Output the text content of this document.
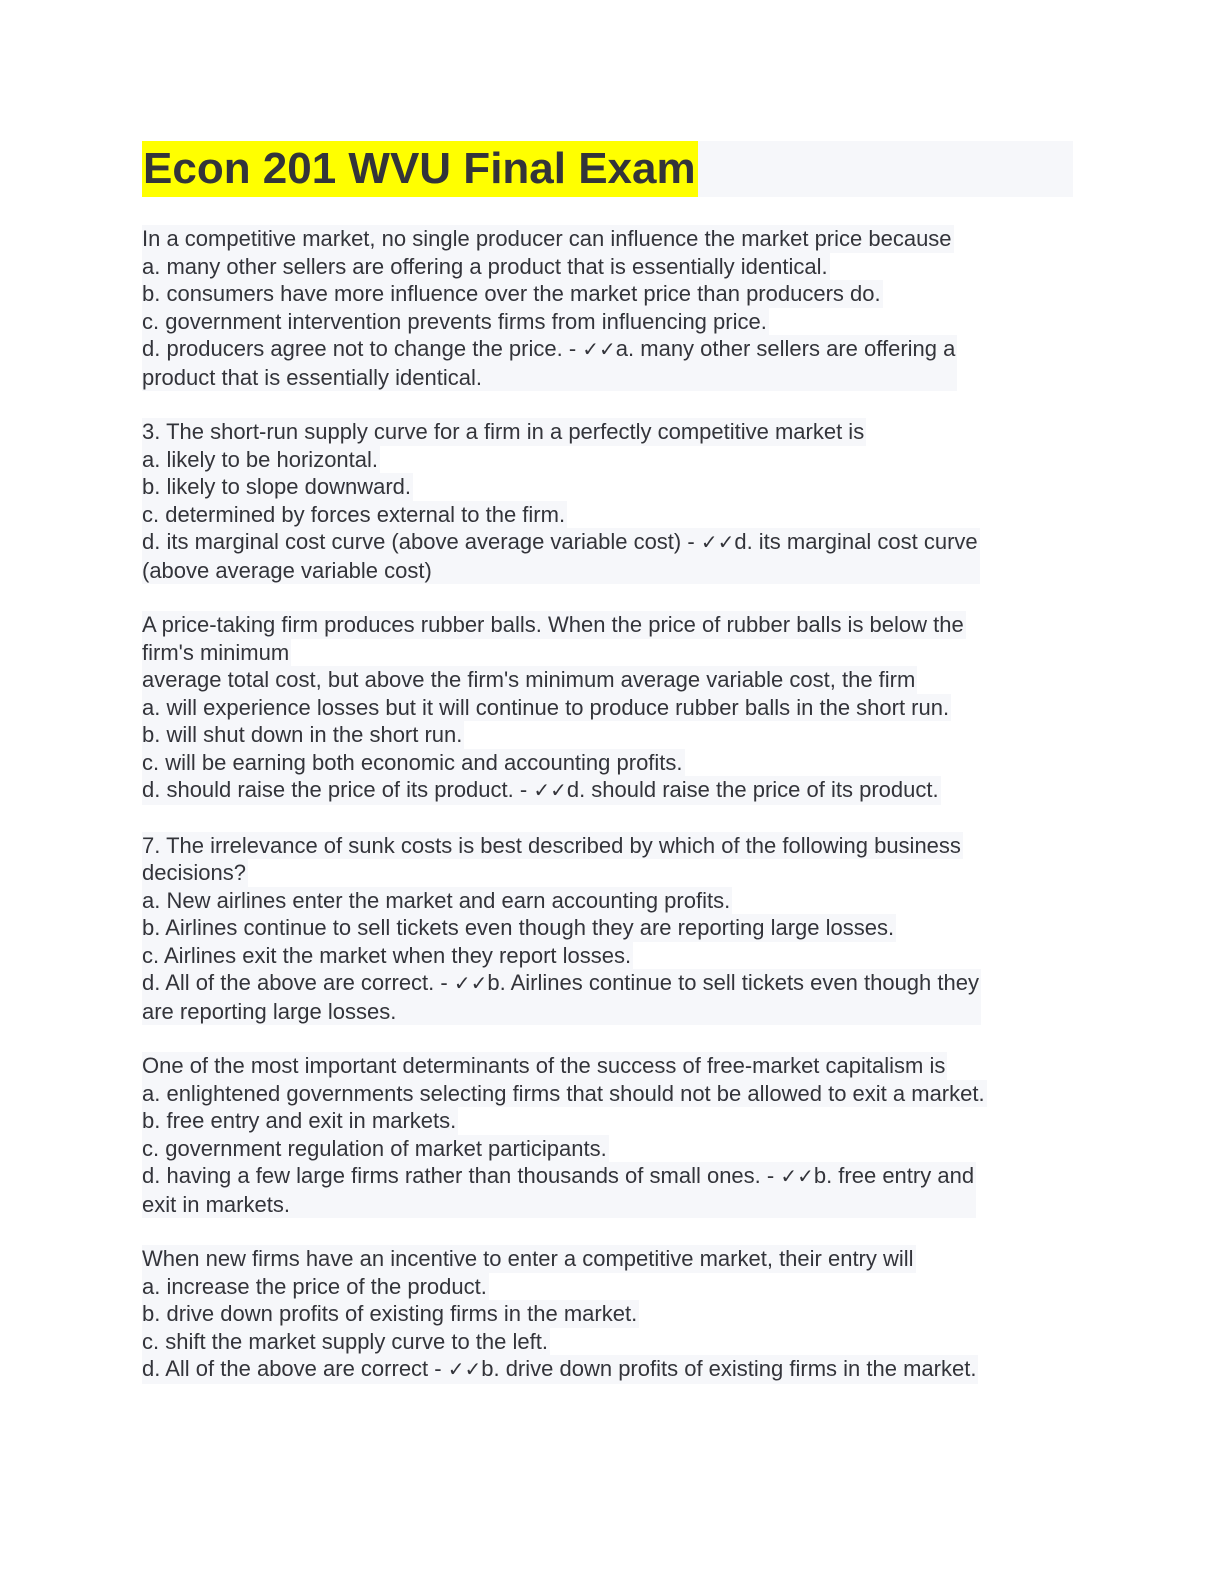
Econ 201 WVU Final Exam
In a competitive market, no single producer can influence the market price because
a. many other sellers are offering a product that is essentially identical.
b. consumers have more influence over the market price than producers do.
c. government intervention prevents firms from influencing price.
d. producers agree not to change the price. - ✓✓a. many other sellers are offering a
product that is essentially identical.
3. The short-run supply curve for a firm in a perfectly competitive market is
a. likely to be horizontal.
b. likely to slope downward.
c. determined by forces external to the firm.
d. its marginal cost curve (above average variable cost) - ✓✓d. its marginal cost curve
(above average variable cost)
A price-taking firm produces rubber balls. When the price of rubber balls is below the
firm's minimum
average total cost, but above the firm's minimum average variable cost, the firm
a. will experience losses but it will continue to produce rubber balls in the short run.
b. will shut down in the short run.
c. will be earning both economic and accounting profits.
d. should raise the price of its product. - ✓✓d. should raise the price of its product.
7. The irrelevance of sunk costs is best described by which of the following business
decisions?
a. New airlines enter the market and earn accounting profits.
b. Airlines continue to sell tickets even though they are reporting large losses.
c. Airlines exit the market when they report losses.
d. All of the above are correct. - ✓✓b. Airlines continue to sell tickets even though they
are reporting large losses.
One of the most important determinants of the success of free-market capitalism is
a. enlightened governments selecting firms that should not be allowed to exit a market.
b. free entry and exit in markets.
c. government regulation of market participants.
d. having a few large firms rather than thousands of small ones. - ✓✓b. free entry and
exit in markets.
When new firms have an incentive to enter a competitive market, their entry will
a. increase the price of the product.
b. drive down profits of existing firms in the market.
c. shift the market supply curve to the left.
d. All of the above are correct - ✓✓b. drive down profits of existing firms in the market.
